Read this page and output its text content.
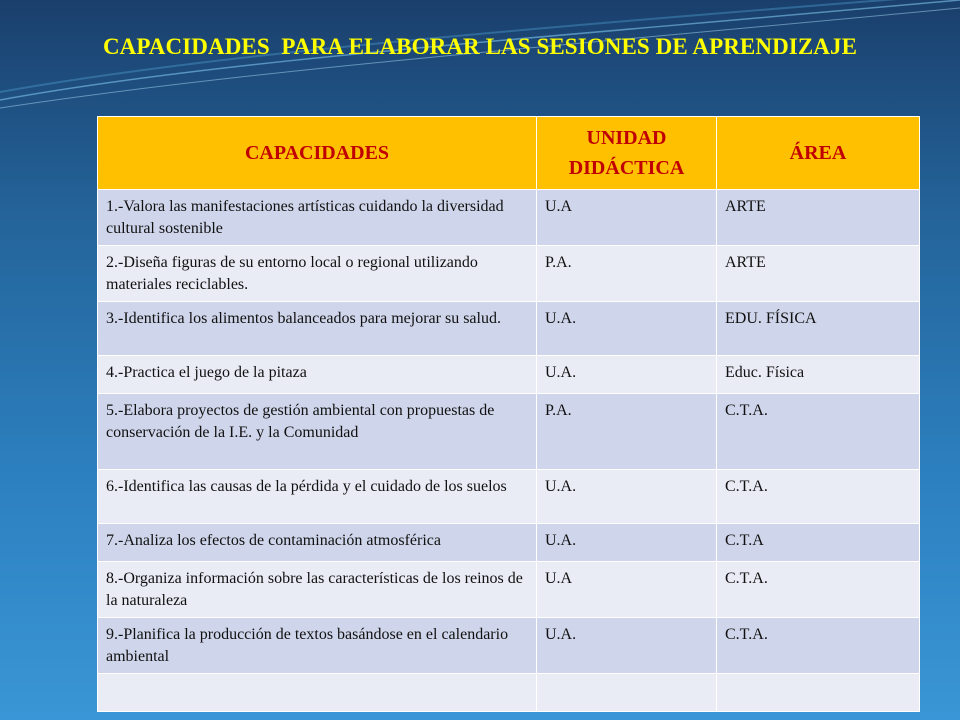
CAPACIDADES  PARA ELABORAR LAS SESIONES DE APRENDIZAJE
CAPACIDADES	UNIDAD DIDÁCTICA	ÁREA
1.-Valora las manifestaciones artísticas cuidando la diversidad cultural sostenible	U.A	ARTE
2.-Diseña figuras de su entorno local o regional utilizando materiales reciclables.	P.A.	ARTE
3.-Identifica los alimentos balanceados para mejorar su salud.	U.A.	EDU. FÍSICA
4.-Practica el juego de la pitaza	U.A.	Educ. Física
5.-Elabora proyectos de gestión ambiental con propuestas de conservación de la I.E. y la Comunidad	P.A.	C.T.A.
6.-Identifica las causas de la pérdida y el cuidado de los suelos	U.A.	C.T.A.
7.-Analiza los efectos de contaminación atmosférica	U.A.	C.T.A
8.-Organiza información sobre las características de los reinos de la naturaleza	U.A	C.T.A.
9.-Planifica la producción de textos basándose en el calendario ambiental	U.A.	C.T.A.
